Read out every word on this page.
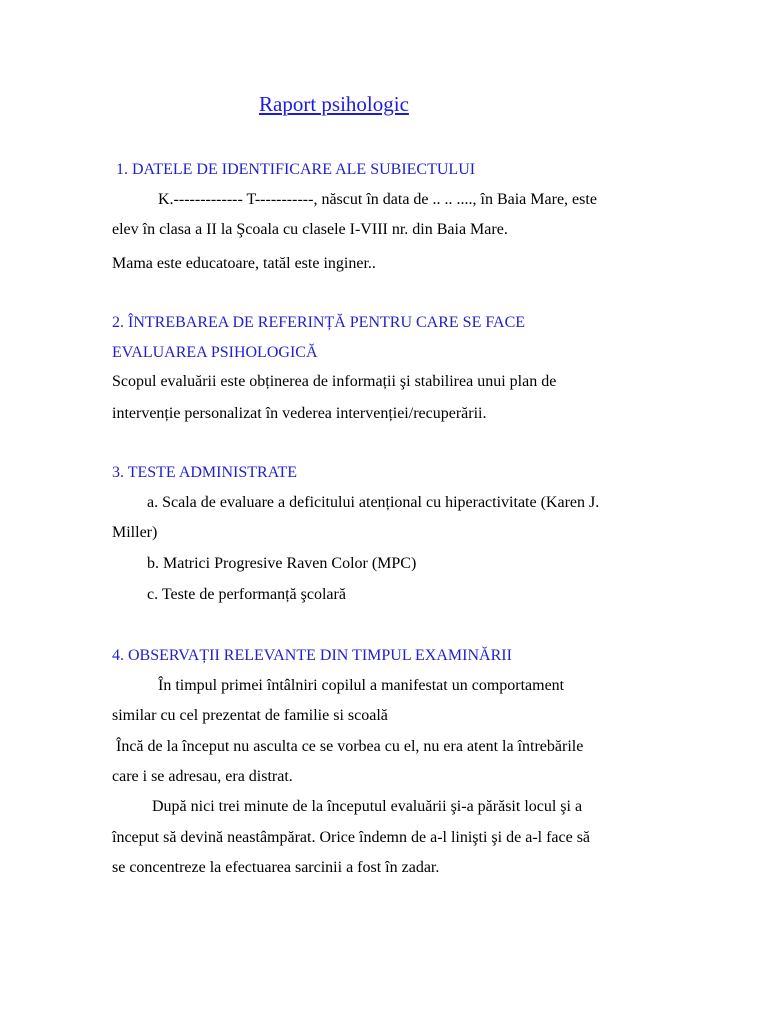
Raport psihologic
1. DATELE DE IDENTIFICARE ALE SUBIECTULUI
K.------------- T-----------, născut în data de .. .. ...., în Baia Mare, este
elev în clasa a II la Şcoala cu clasele I-VIII nr. din Baia Mare.
Mama este educatoare, tatăl este inginer..
2. ÎNTREBAREA DE REFERINȚĂ PENTRU CARE SE FACE
EVALUAREA PSIHOLOGICĂ
Scopul evaluării este obținerea de informații şi stabilirea unui plan de
intervenție personalizat în vederea intervenției/recuperării.
3. TESTE ADMINISTRATE
a. Scala de evaluare a deficitului atențional cu hiperactivitate (Karen J.
Miller)
b. Matrici Progresive Raven Color (MPC)
c. Teste de performanță şcolară
4. OBSERVAȚII RELEVANTE DIN TIMPUL EXAMINĂRII
În timpul primei întâlniri copilul a manifestat un comportament
similar cu cel prezentat de familie si scoală
Încă de la început nu asculta ce se vorbea cu el, nu era atent la întrebările
care i se adresau, era distrat.
După nici trei minute de la începutul evaluării şi-a părăsit locul şi a
început să devină neastâmpărat. Orice îndemn de a-l linişti şi de a-l face să
se concentreze la efectuarea sarcinii a fost în zadar.
